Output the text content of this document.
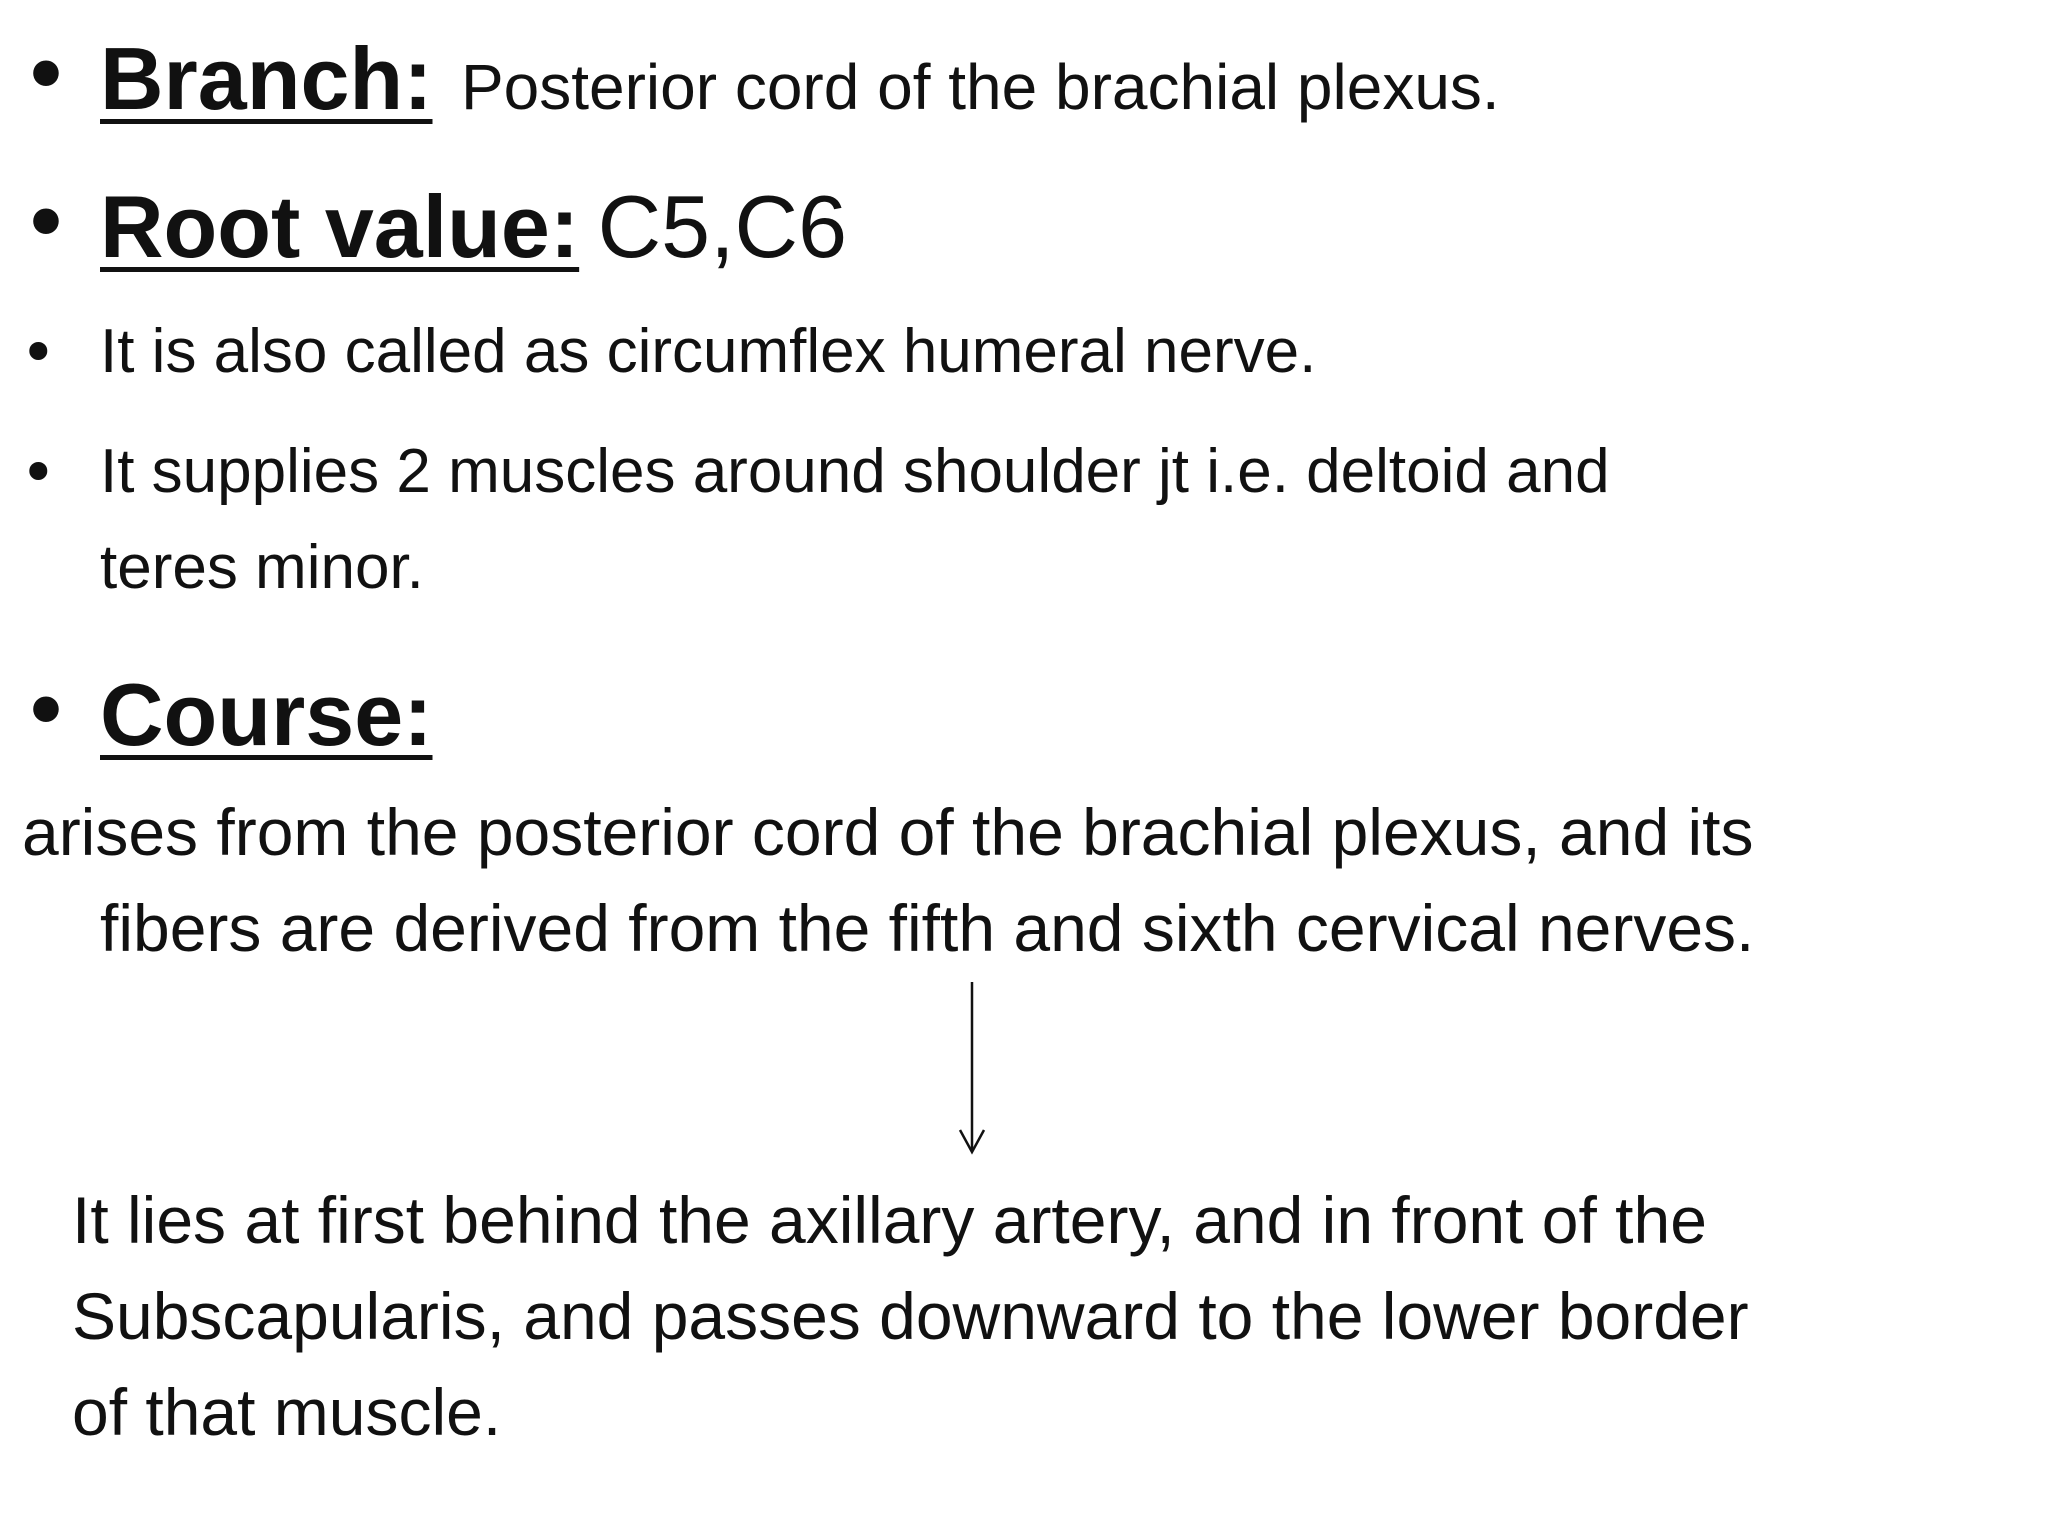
• Branch: Posterior cord of the brachial plexus.
• Root value: C5,C6
• It is also called as circumflex humeral nerve.
• It supplies 2 muscles around shoulder jt i.e. deltoid and
teres minor.
• Course:
arises from the posterior cord of the brachial plexus, and its
fibers are derived from the fifth and sixth cervical nerves.
It lies at first behind the axillary artery, and in front of the
Subscapularis, and passes downward to the lower border
of that muscle.
